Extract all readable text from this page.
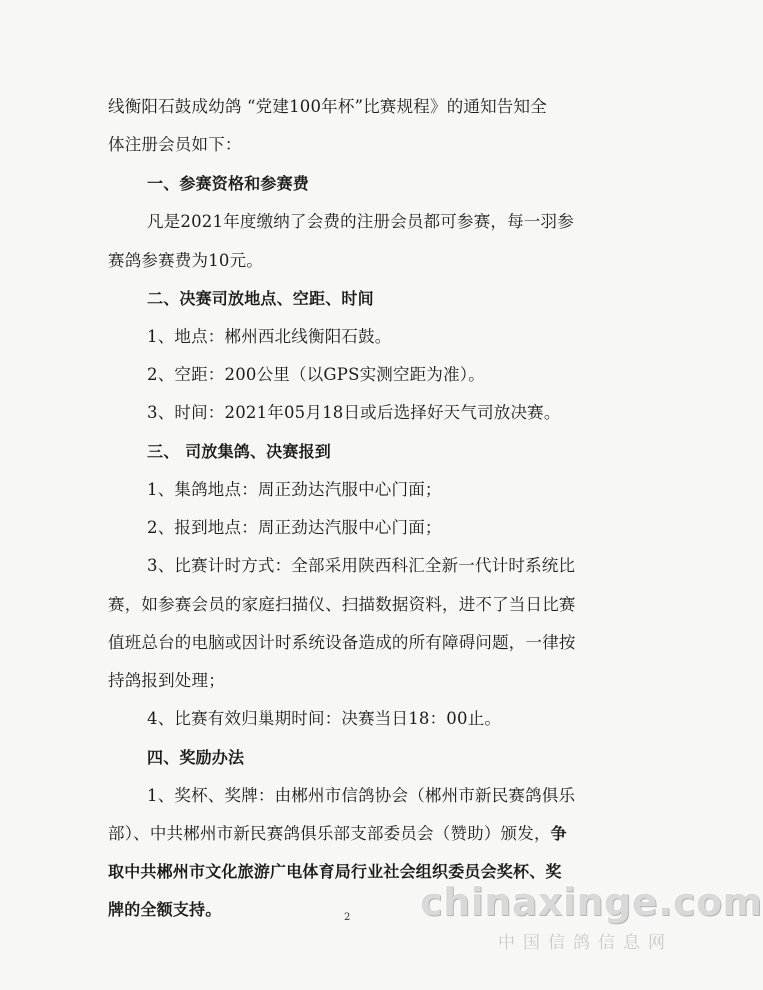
线衡阳石鼓成幼鸽 “党建100年杯”比赛规程》的通知告知全
体注册会员如下：
一、参赛资格和参赛费
凡是2021年度缴纳了会费的注册会员都可参赛，每一羽参
赛鸽参赛费为10元。
二、决赛司放地点、空距、时间
1、地点：郴州西北线衡阳石鼓。
2、空距：200公里（以GPS实测空距为准）。
3、时间：2021年05月18日或后选择好天气司放决赛。
三、 司放集鸽、决赛报到
1、集鸽地点：周正劲达汽服中心门面；
2、报到地点：周正劲达汽服中心门面；
3、比赛计时方式：全部采用陕西科汇全新一代计时系统比
赛，如参赛会员的家庭扫描仪、扫描数据资料，进不了当日比赛
值班总台的电脑或因计时系统设备造成的所有障碍问题，一律按
持鸽报到处理；
4、比赛有效归巢期时间：决赛当日18：00止。
四、奖励办法
1、奖杯、奖牌：由郴州市信鸽协会（郴州市新民赛鸽俱乐
部）、中共郴州市新民赛鸽俱乐部支部委员会（赞助）颁发，争
取中共郴州市文化旅游广电体育局行业社会组织委员会奖杯、奖
牌的全额支持。	2 chinaxinge.com
中国信鸽信息网
